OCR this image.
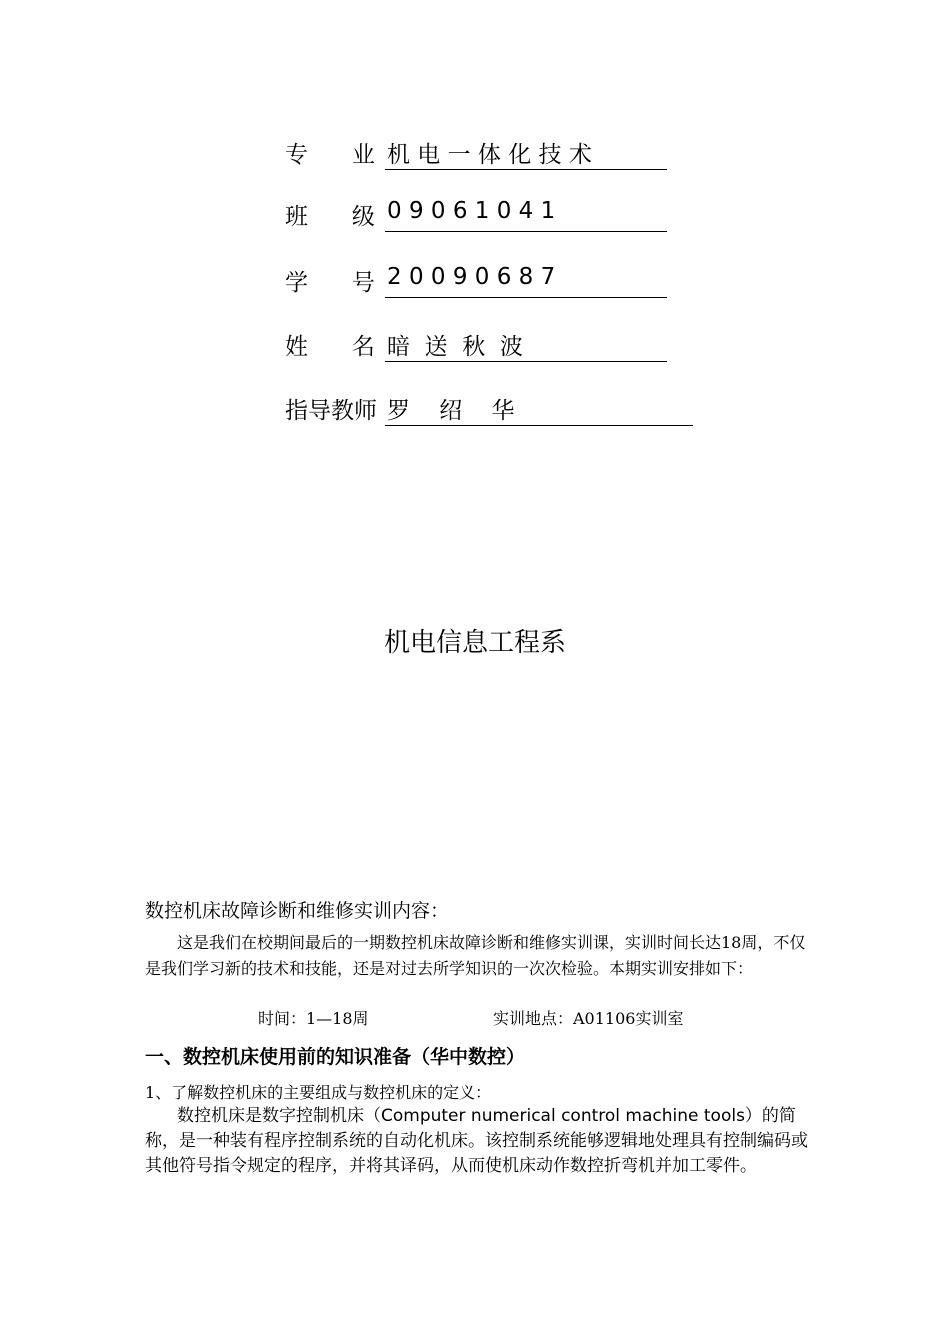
专      业 机 电 一 体 化 技 术
班      级 0 9 0 6 1 0 4 1
学      号 2 0 0 9 0 6 8 7
姓      名 暗  送  秋  波
指导教师 罗    绍    华
机电信息工程系
数控机床故障诊断和维修实训内容：
这是我们在校期间最后的一期数控机床故障诊断和维修实训课，实训时间长达18周，不仅是我们学习新的技术和技能，还是对过去所学知识的一次次检验。本期实训安排如下：
时间：1—18周	实训地点：A01106实训室
一、数控机床使用前的知识准备（华中数控）
1、了解数控机床的主要组成与数控机床的定义：
数控机床是数字控制机床（Computer numerical control machine tools）的简称，是一种装有程序控制系统的自动化机床。该控制系统能够逻辑地处理具有控制编码或其他符号指令规定的程序，并将其译码，从而使机床动作数控折弯机并加工零件。
